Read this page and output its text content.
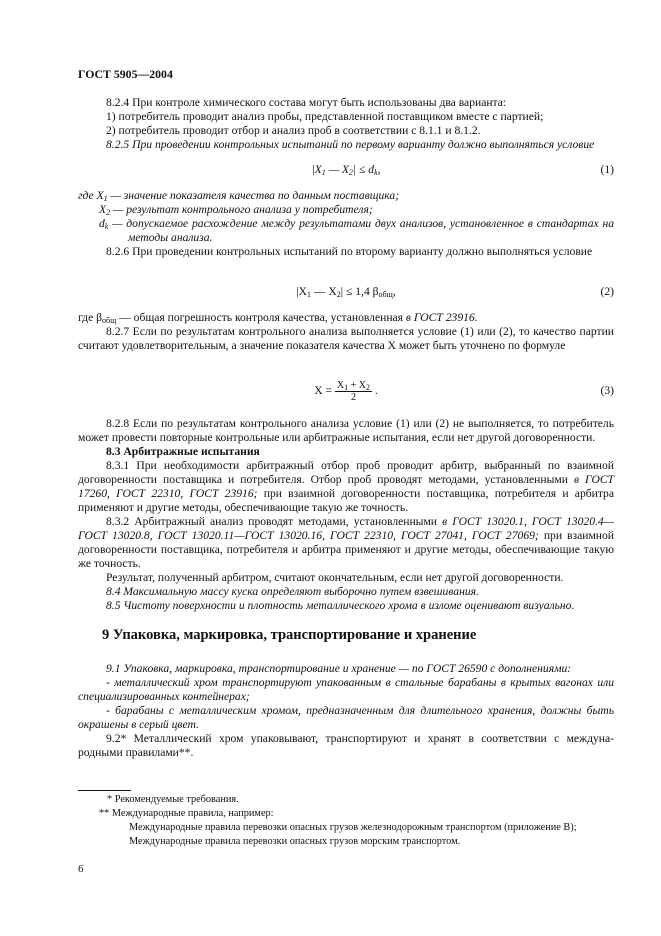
ГОСТ 5905—2004

8.2.4 При контроле химического состава могут быть использованы два варианта:

1) потребитель проводит анализ пробы, представленной поставщиком вместе с партией;

2) потребитель проводит отбор и анализ проб в соответствии с 8.1.1 и 8.1.2.

8.2.5 При проведении контрольных испытаний по первому варианту должно выполняться условие

$|X_1$ — $X_2| \le d_k$,	(1)

где $X_1$ — значение показателя качества по данным поставщика;

$X_2$ — результат контрольного анализа у потребителя;

$d_k$ — допускаемое расхождение между результатами двух анализов, установленное в стандартах на методы анализа.

8.2.6 При проведении контрольных испытаний по второму варианту должно выполняться условие

$|X_1$ — $X_2| \le 1,4$ $\beta_{общ}$,	(2)

где $\beta_{общ}$ — общая погрешность контроля качества, установленная в ГОСТ 23916.

8.2.7 Если по результатам контрольного анализа выполняется условие (1) или (2), то качество партии считают удовлетворительным, а значение показателя качества X может быть уточнено по формуле

$X = \frac{X_1 + X_2}{2}$ .	(3)

8.2.8 Если по результатам контрольного анализа условие (1) или (2) не выполняется, то потребитель может провести повторные контрольные или арбитражные испытания, если нет другой договоренности.

8.3 Арбитражные испытания

8.3.1 При необходимости арбитражный отбор проб проводит арбитр, выбранный по взаимной договоренности поставщика и потребителя. Отбор проб проводят методами, установленными в ГОСТ 17260, ГОСТ 22310, ГОСТ 23916; при взаимной договоренности поставщика, потребителя и арбитра применяют и другие методы, обеспечивающие такую же точность.

8.3.2 Арбитражный анализ проводят методами, установленными в ГОСТ 13020.1, ГОСТ 13020.4—ГОСТ 13020.8, ГОСТ 13020.11—ГОСТ 13020.16, ГОСТ 22310, ГОСТ 27041, ГОСТ 27069; при взаимной договоренности поставщика, потребителя и арбитра применяют и другие методы, обеспечивающие такую же точность.

Результат, полученный арбитром, считают окончательным, если нет другой договоренности.

8.4 Максимальную массу куска определяют выборочно путем взвешивания.

8.5 Чистоту поверхности и плотность металлического хрома в изломе оценивают визуально.

9 Упаковка, маркировка, транспортирование и хранение

9.1 Упаковка, маркировка, транспортирование и хранение — по ГОСТ 26590 с дополнениями:

- металлический хром транспортируют упакованным в стальные барабаны в крытых вагонах или специализированных контейнерах;

- барабаны с металлическим хромом, предназначенным для длительного хранения, должны быть окрашены в серый цвет.

9.2* Металлический хром упаковывают, транспортируют и хранят в соответствии с междуна-родными правилами**.

* Рекомендуемые требования.
** Международные правила, например:
Международные правила перевозки опасных грузов железнодорожным транспортом (приложение В);
Международные правила перевозки опасных грузов морским транспортом.
6
